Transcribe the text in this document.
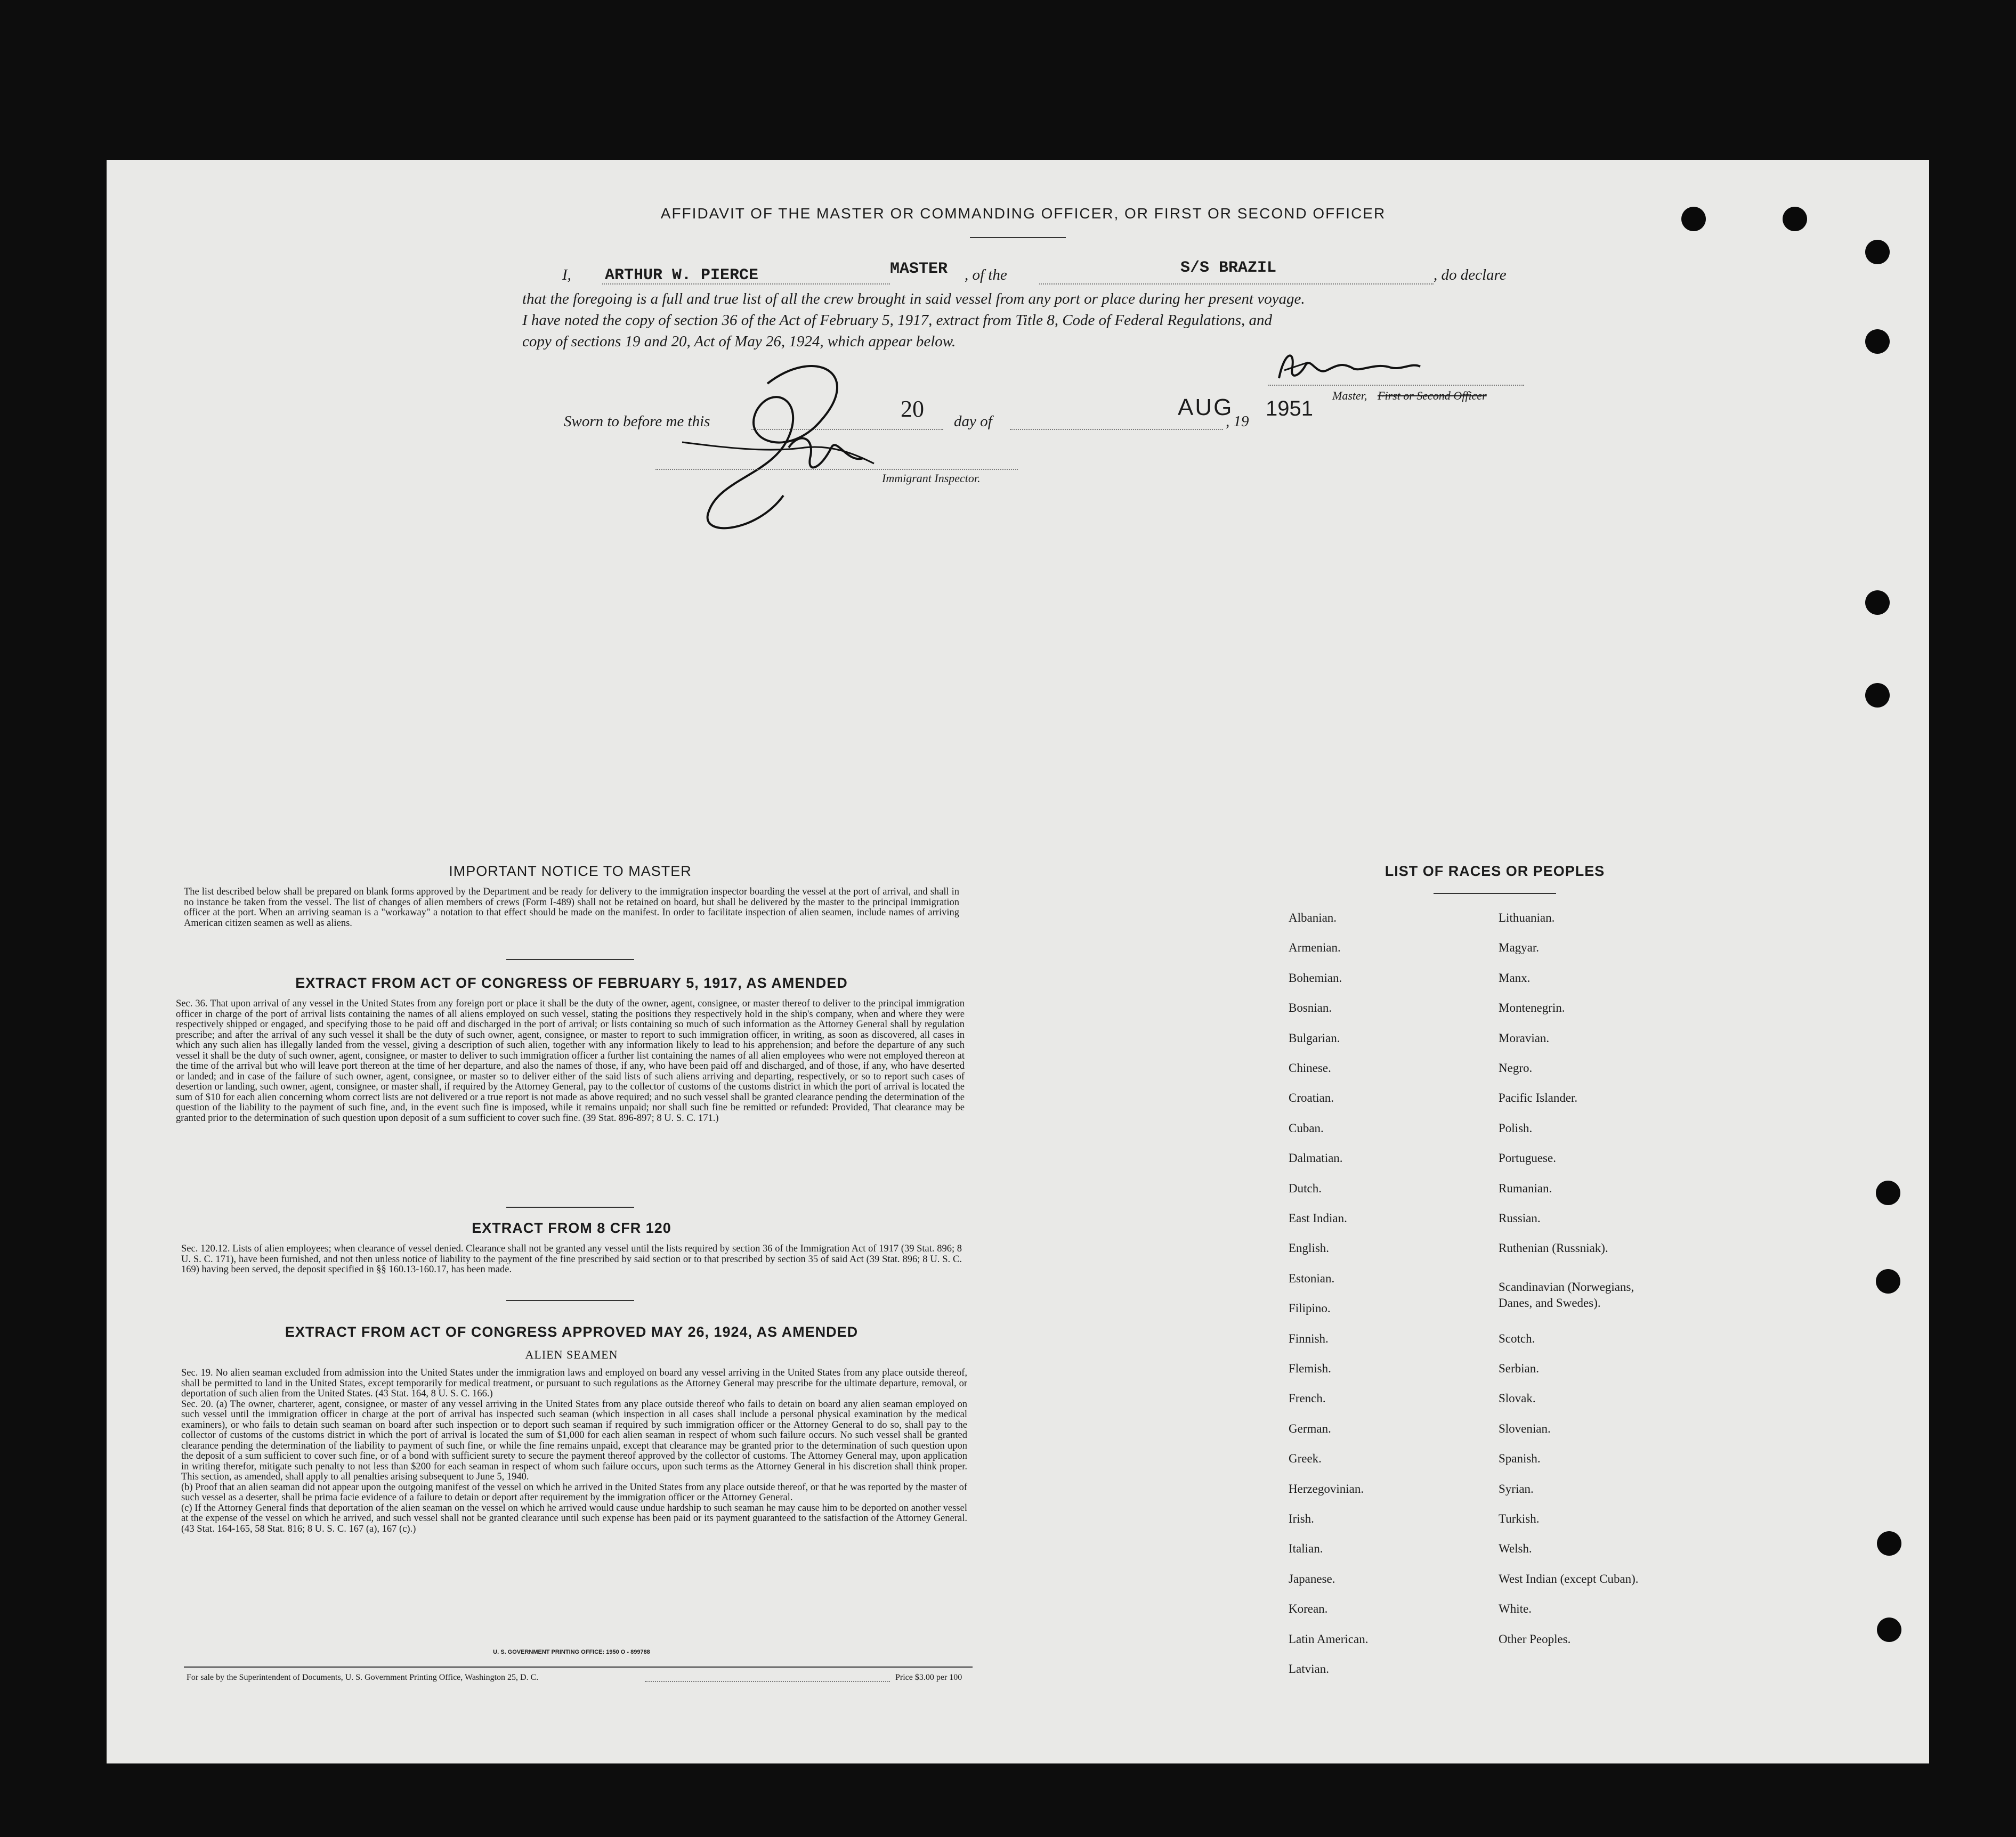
AFFIDAVIT OF THE MASTER OR COMMANDING OFFICER, OR FIRST OR SECOND OFFICER
I, ARTHUR W. PIERCE	MASTER , of the	S/S BRAZIL	, do declare
that the foregoing is a full and true list of all the crew brought in said vessel from any port or place during her present voyage.
I have noted the copy of section 36 of the Act of February 5, 1917, extract from Title 8, Code of Federal Regulations, and
copy of sections 19 and 20, Act of May 26, 1924, which appear below.
Sworn to before me this	20 day of
AUG
, 19
1951
Master, First or Second Officer
Immigrant Inspector.
IMPORTANT NOTICE TO MASTER
The list described below shall be prepared on blank forms approved by the Department and be ready for delivery to the immigration inspector boarding the vessel at the port of arrival, and shall in no instance be taken from the vessel. The list of changes of alien members of crews (Form I-489) shall not be retained on board, but shall be delivered by the master to the principal immigration officer at the port. When an arriving seaman is a "workaway" a notation to that effect should be made on the manifest. In order to facilitate inspection of alien seamen, include names of arriving American citizen seamen as well as aliens.
EXTRACT FROM ACT OF CONGRESS OF FEBRUARY 5, 1917, AS AMENDED
Sec. 36. That upon arrival of any vessel in the United States from any foreign port or place it shall be the duty of the owner, agent, consignee, or master thereof to deliver to the principal immigration officer in charge of the port of arrival lists containing the names of all aliens employed on such vessel, stating the positions they respectively hold in the ship's company, when and where they were respectively shipped or engaged, and specifying those to be paid off and discharged in the port of arrival; or lists containing so much of such information as the Attorney General shall by regulation prescribe; and after the arrival of any such vessel it shall be the duty of such owner, agent, consignee, or master to report to such immigration officer, in writing, as soon as discovered, all cases in which any such alien has illegally landed from the vessel, giving a description of such alien, together with any information likely to lead to his apprehension; and before the departure of any such vessel it shall be the duty of such owner, agent, consignee, or master to deliver to such immigration officer a further list containing the names of all alien employees who were not employed thereon at the time of the arrival but who will leave port thereon at the time of her departure, and also the names of those, if any, who have been paid off and discharged, and of those, if any, who have deserted or landed; and in case of the failure of such owner, agent, consignee, or master so to deliver either of the said lists of such aliens arriving and departing, respectively, or so to report such cases of desertion or landing, such owner, agent, consignee, or master shall, if required by the Attorney General, pay to the collector of customs of the customs district in which the port of arrival is located the sum of $10 for each alien concerning whom correct lists are not delivered or a true report is not made as above required; and no such vessel shall be granted clearance pending the determination of the question of the liability to the payment of such fine, and, in the event such fine is imposed, while it remains unpaid; nor shall such fine be remitted or refunded: Provided, That clearance may be granted prior to the determination of such question upon deposit of a sum sufficient to cover such fine. (39 Stat. 896-897; 8 U. S. C. 171.)
EXTRACT FROM 8 CFR 120
Sec. 120.12. Lists of alien employees; when clearance of vessel denied. Clearance shall not be granted any vessel until the lists required by section 36 of the Immigration Act of 1917 (39 Stat. 896; 8 U. S. C. 171), have been furnished, and not then unless notice of liability to the payment of the fine prescribed by said section or to that prescribed by section 35 of said Act (39 Stat. 896; 8 U. S. C. 169) having been served, the deposit specified in §§ 160.13-160.17, has been made.
EXTRACT FROM ACT OF CONGRESS APPROVED MAY 26, 1924, AS AMENDED
ALIEN SEAMEN
Sec. 19. No alien seaman excluded from admission into the United States under the immigration laws and employed on board any vessel arriving in the United States from any place outside thereof, shall be permitted to land in the United States, except temporarily for medical treatment, or pursuant to such regulations as the Attorney General may prescribe for the ultimate departure, removal, or deportation of such alien from the United States. (43 Stat. 164, 8 U. S. C. 166.)
Sec. 20. (a) The owner, charterer, agent, consignee, or master of any vessel arriving in the United States from any place outside thereof who fails to detain on board any alien seaman employed on such vessel until the immigration officer in charge at the port of arrival has inspected such seaman (which inspection in all cases shall include a personal physical examination by the medical examiners), or who fails to detain such seaman on board after such inspection or to deport such seaman if required by such immigration officer or the Attorney General to do so, shall pay to the collector of customs of the customs district in which the port of arrival is located the sum of $1,000 for each alien seaman in respect of whom such failure occurs. No such vessel shall be granted clearance pending the determination of the liability to payment of such fine, or while the fine remains unpaid, except that clearance may be granted prior to the determination of such question upon the deposit of a sum sufficient to cover such fine, or of a bond with sufficient surety to secure the payment thereof approved by the collector of customs. The Attorney General may, upon application in writing therefor, mitigate such penalty to not less than $200 for each seaman in respect of whom such failure occurs, upon such terms as the Attorney General in his discretion shall think proper. This section, as amended, shall apply to all penalties arising subsequent to June 5, 1940.
(b) Proof that an alien seaman did not appear upon the outgoing manifest of the vessel on which he arrived in the United States from any place outside thereof, or that he was reported by the master of such vessel as a deserter, shall be prima facie evidence of a failure to detain or deport after requirement by the immigration officer or the Attorney General.
(c) If the Attorney General finds that deportation of the alien seaman on the vessel on which he arrived would cause undue hardship to such seaman he may cause him to be deported on another vessel at the expense of the vessel on which he arrived, and such vessel shall not be granted clearance until such expense has been paid or its payment guaranteed to the satisfaction of the Attorney General. (43 Stat. 164-165, 58 Stat. 816; 8 U. S. C. 167 (a), 167 (c).)
U. S. GOVERNMENT PRINTING OFFICE: 1950 O - 899788
For sale by the Superintendent of Documents, U. S. Government Printing Office, Washington 25, D. C.	Price $3.00 per 100
LIST OF RACES OR PEOPLES
Albanian.
Armenian.
Bohemian.
Bosnian.
Bulgarian.
Chinese.
Croatian.
Cuban.
Dalmatian.
Dutch.
East Indian.
English.
Estonian.
Filipino.
Finnish.
Flemish.
French.
German.
Greek.
Herzegovinian.
Irish.
Italian.
Japanese.
Korean.
Latin American.
Latvian.
Lithuanian.
Magyar.
Manx.
Montenegrin.
Moravian.
Negro.
Pacific Islander.
Polish.
Portuguese.
Rumanian.
Russian.
Ruthenian (Russniak).
Scandinavian (Norwegians,
Danes, and Swedes).
Scotch.
Serbian.
Slovak.
Slovenian.
Spanish.
Syrian.
Turkish.
Welsh.
West Indian (except Cuban).
White.
Other Peoples.
